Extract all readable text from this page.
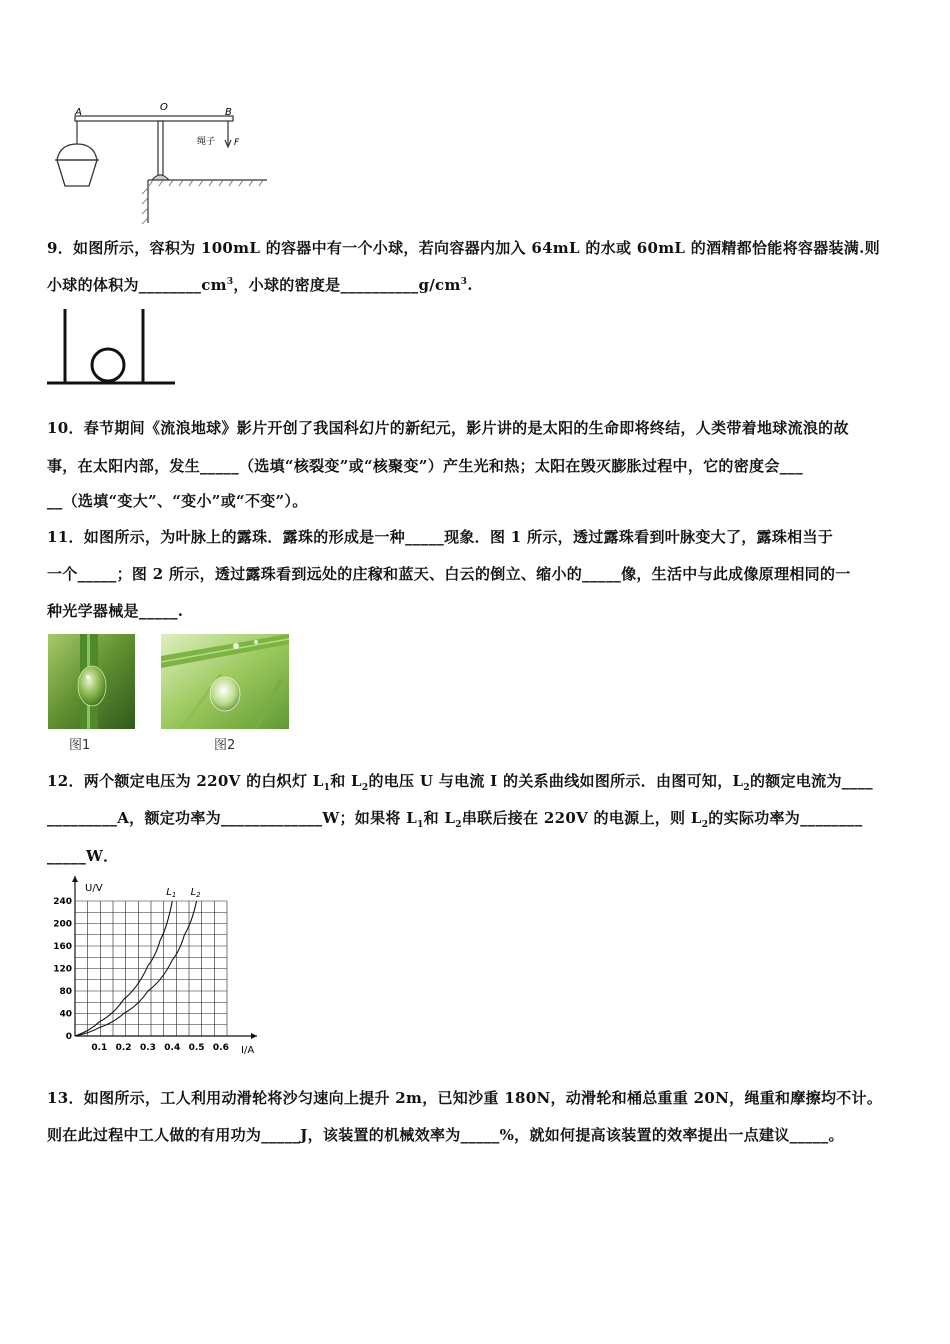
A	O	B
绳子 F
9．如图所示，容积为 100mL 的容器中有一个小球，若向容器内加入 64mL 的水或 60mL 的酒精都恰能将容器装满.则
小球的体积为$\_\_\_\_\_\_\_\_cm^3$，小球的密度是$\_\_\_\_\_\_\_\_\_\_g/cm^3$.
10．春节期间《流浪地球》影片开创了我国科幻片的新纪元，影片讲的是太阳的生命即将终结，人类带着地球流浪的故
事，在太阳内部，发生_____（选填“核裂变”或“核聚变”）产生光和热；太阳在毁灭膨胀过程中，它的密度会___
__（选填“变大”、“变小”或“不变”）。
11．如图所示，为叶脉上的露珠．露珠的形成是一种_____现象．图 1 所示，透过露珠看到叶脉变大了，露珠相当于
一个_____；图 2 所示，透过露珠看到远处的庄稼和蓝天、白云的倒立、缩小的_____像，生活中与此成像原理相同的一
种光学器械是_____.
图1	图2
12．两个额定电压为 220V 的白炽灯 $L_1$和 $L_2$的电压 U 与电流 I 的关系曲线如图所示．由图可知，$L_2$的额定电流为____
_________A，额定功率为_____________W；如果将 $L_1$和 $L_2$串联后接在 220V 的电源上，则 $L_2$的实际功率为________
_____W．
I/A
U/V
0.1 0.2 0.3 0.4 0.5 0.6
0
40
80
120
160
200
240
$L_1$ $L_2$
13．如图所示，工人利用动滑轮将沙匀速向上提升 2m，已知沙重 180N，动滑轮和桶总重重 20N，绳重和摩擦均不计。
则在此过程中工人做的有用功为_____J，该装置的机械效率为_____%，就如何提高该装置的效率提出一点建议_____。
